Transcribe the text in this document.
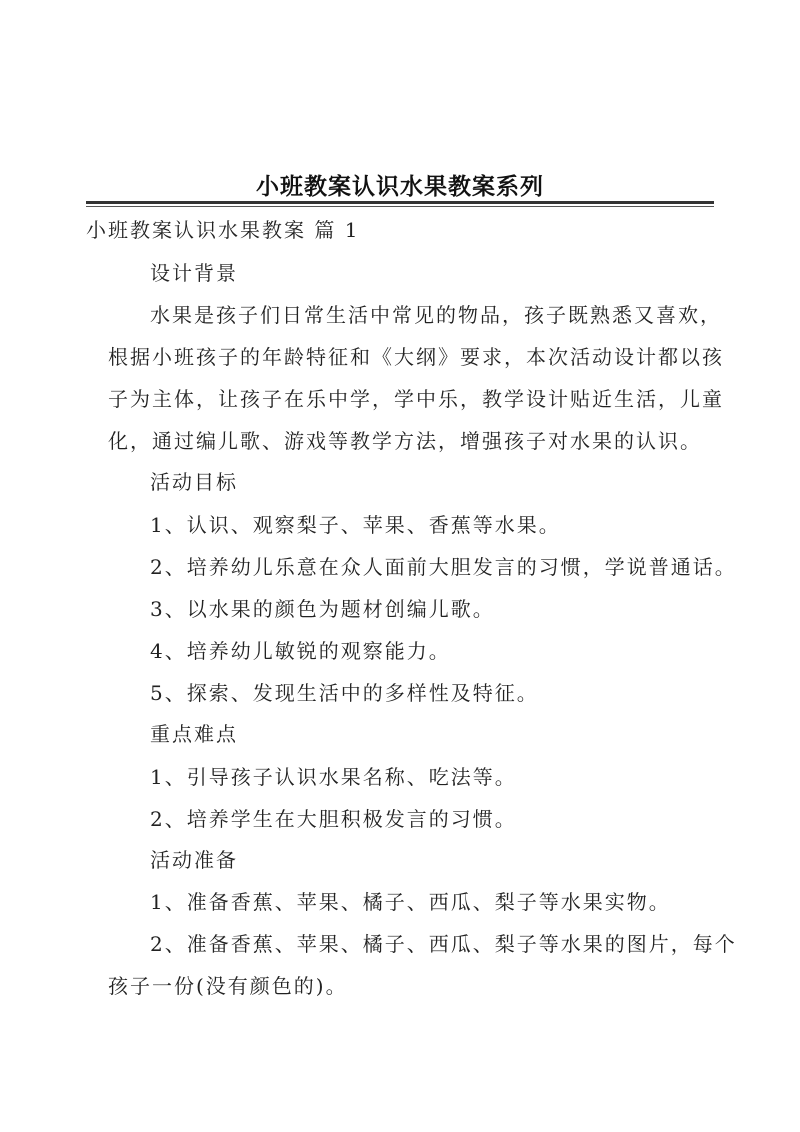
小班教案认识水果教案系列
小班教案认识水果教案 篇 1
设计背景
水果是孩子们日常生活中常见的物品，孩子既熟悉又喜欢，
根据小班孩子的年龄特征和《大纲》要求，本次活动设计都以孩
子为主体，让孩子在乐中学，学中乐，教学设计贴近生活，儿童
化，通过编儿歌、游戏等教学方法，增强孩子对水果的认识。
活动目标
1、认识、观察梨子、苹果、香蕉等水果。
2、培养幼儿乐意在众人面前大胆发言的习惯，学说普通话。
3、以水果的颜色为题材创编儿歌。
4、培养幼儿敏锐的观察能力。
5、探索、发现生活中的多样性及特征。
重点难点
1、引导孩子认识水果名称、吃法等。
2、培养学生在大胆积极发言的习惯。
活动准备
1、准备香蕉、苹果、橘子、西瓜、梨子等水果实物。
2、准备香蕉、苹果、橘子、西瓜、梨子等水果的图片，每个
孩子一份(没有颜色的)。
